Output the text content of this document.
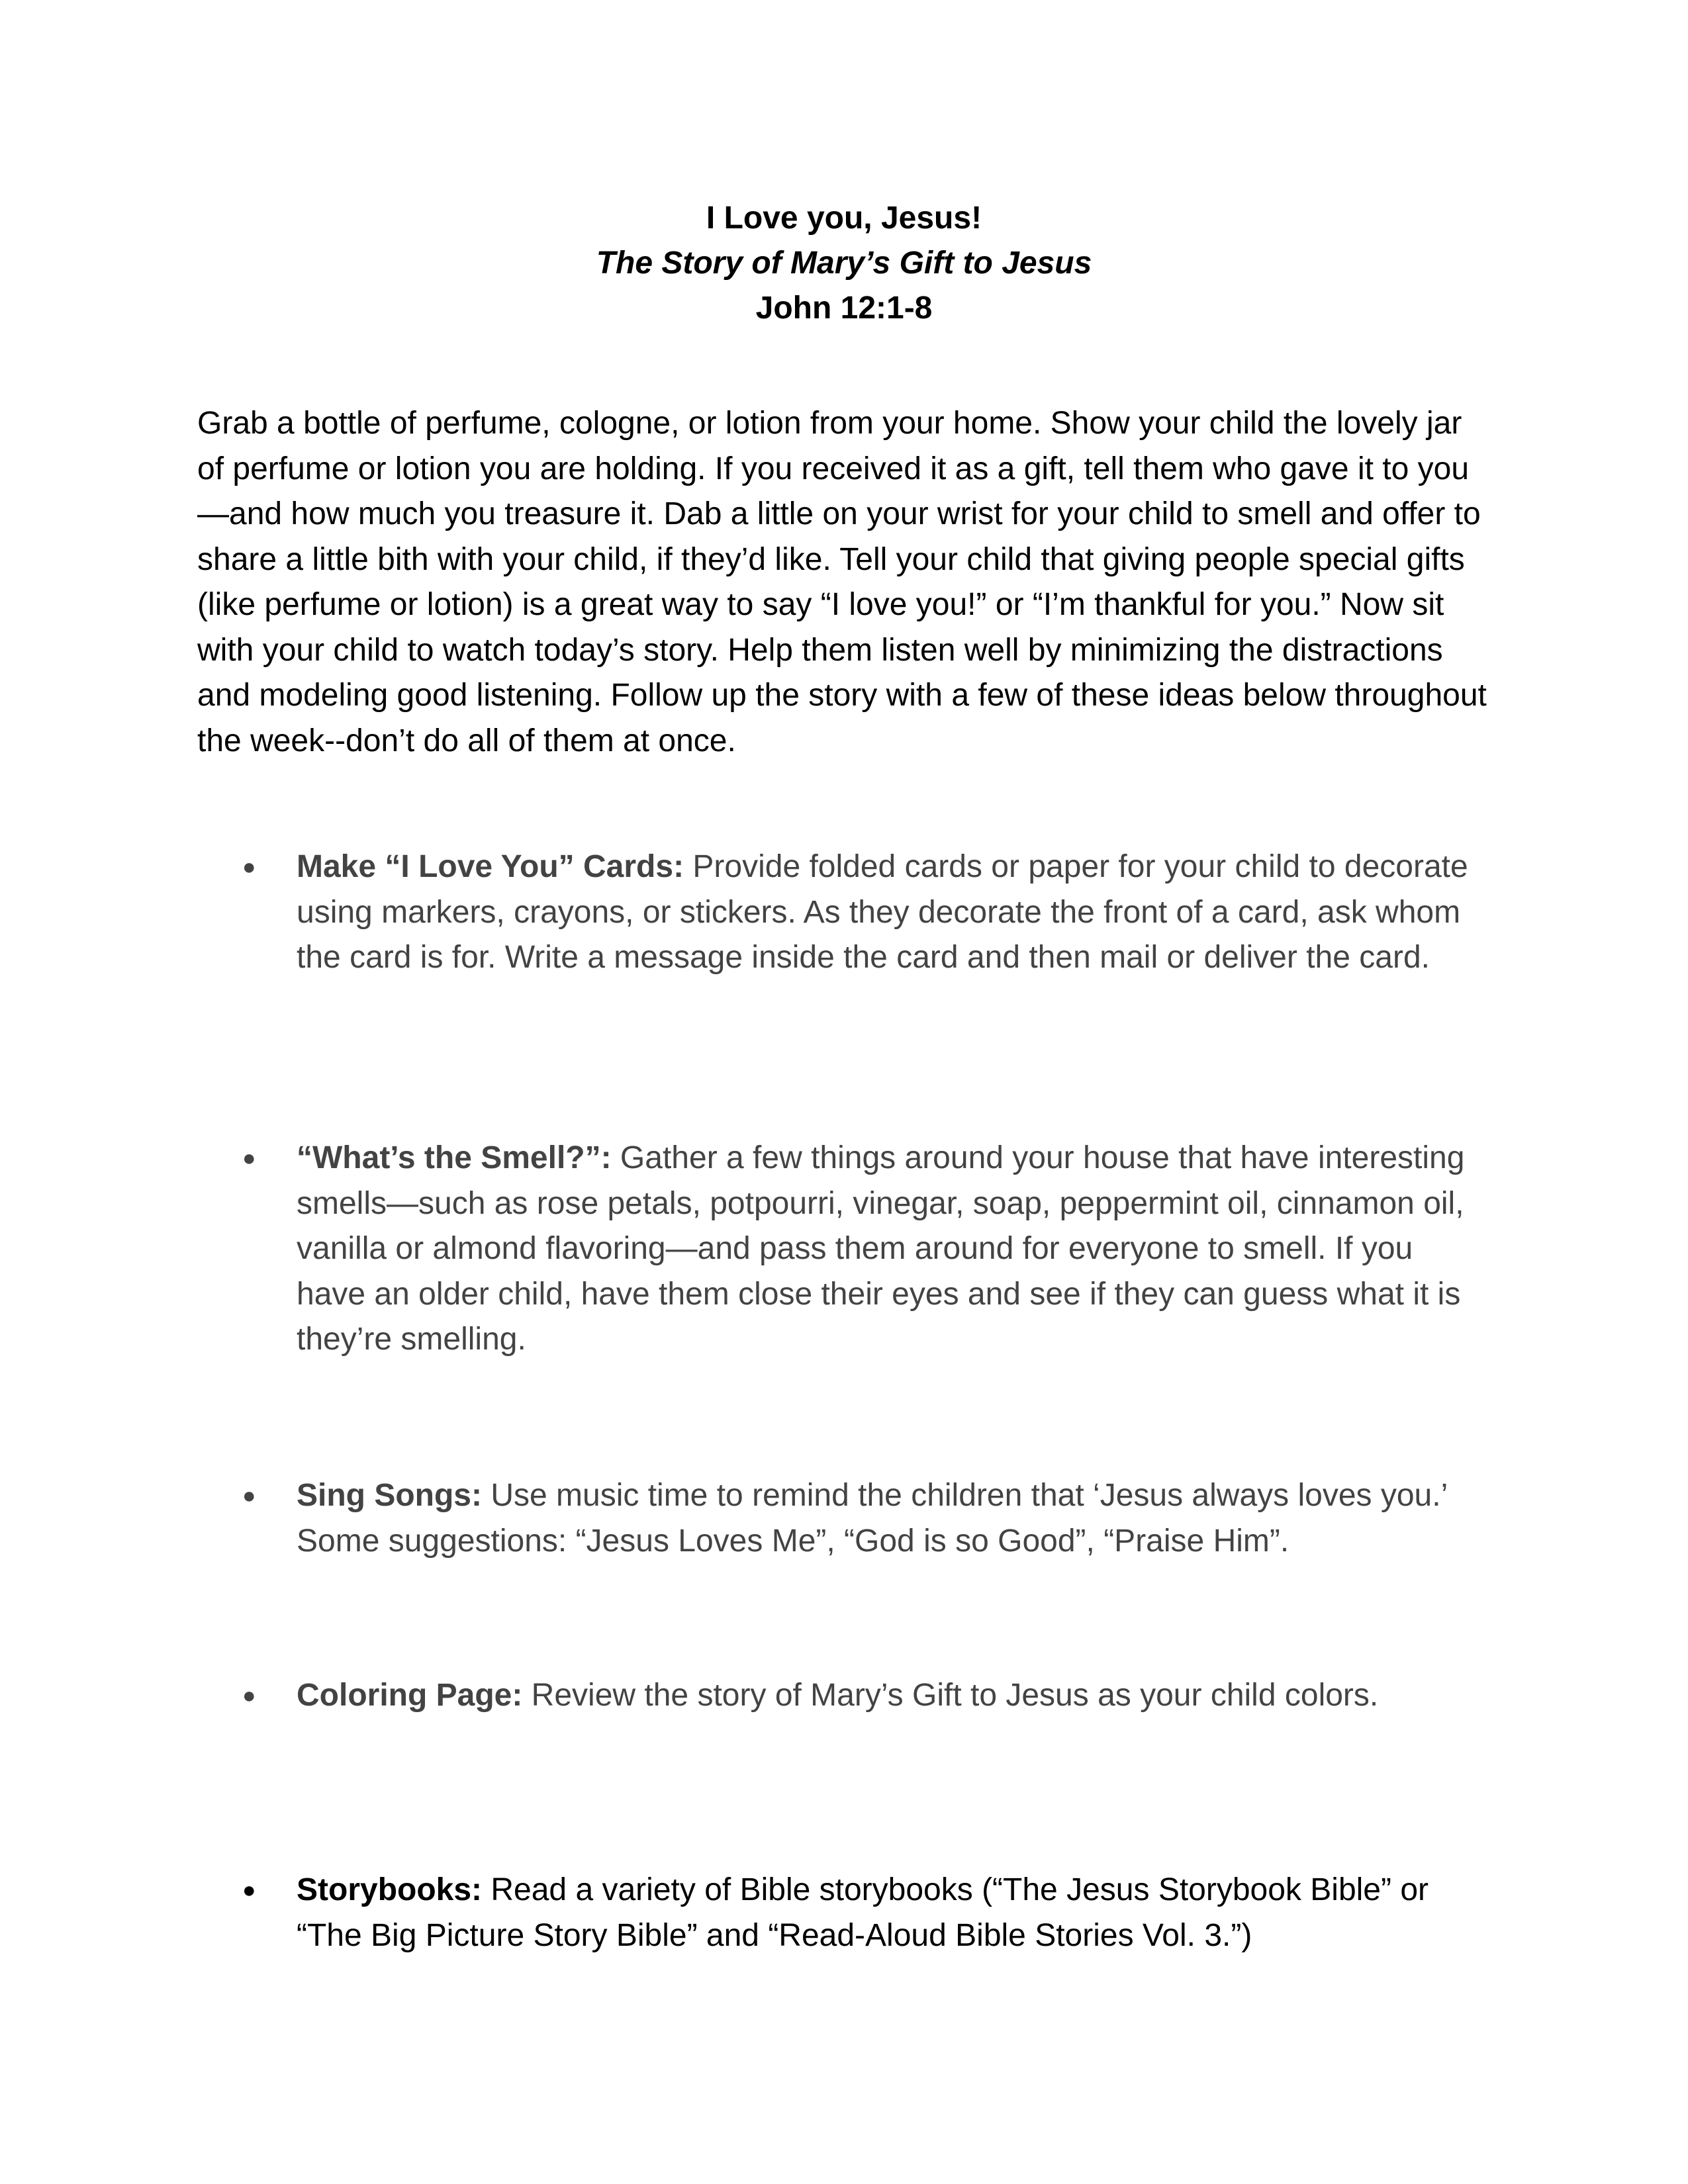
I Love you, Jesus!
The Story of Mary’s Gift to Jesus
John 12:1-8

Grab a bottle of perfume, cologne, or lotion from your home. Show your child the lovely jar of perfume or lotion you are holding. If you received it as a gift, tell them who gave it to you—and how much you treasure it. Dab a little on your wrist for your child to smell and offer to share a little bith with your child, if they’d like. Tell your child that giving people special gifts (like perfume or lotion) is a great way to say “I love you!” or “I’m thankful for you.” Now sit with your child to watch today’s story. Help them listen well by minimizing the distractions and modeling good listening. Follow up the story with a few of these ideas below throughout the week--don’t do all of them at once.

● Make “I Love You” Cards: Provide folded cards or paper for your child to decorate using markers, crayons, or stickers. As they decorate the front of a card, ask whom the card is for. Write a message inside the card and then mail or deliver the card.
● “What’s the Smell?”: Gather a few things around your house that have interesting smells—such as rose petals, potpourri, vinegar, soap, peppermint oil, cinnamon oil, vanilla or almond flavoring—and pass them around for everyone to smell. If you have an older child, have them close their eyes and see if they can guess what it is they’re smelling.
● Sing Songs: Use music time to remind the children that ‘Jesus always loves you.’ Some suggestions: “Jesus Loves Me”, “God is so Good”, “Praise Him”.
● Coloring Page: Review the story of Mary’s Gift to Jesus as your child colors.
● Storybooks: Read a variety of Bible storybooks (“The Jesus Storybook Bible” or “The Big Picture Story Bible” and “Read-Aloud Bible Stories Vol. 3.”)
